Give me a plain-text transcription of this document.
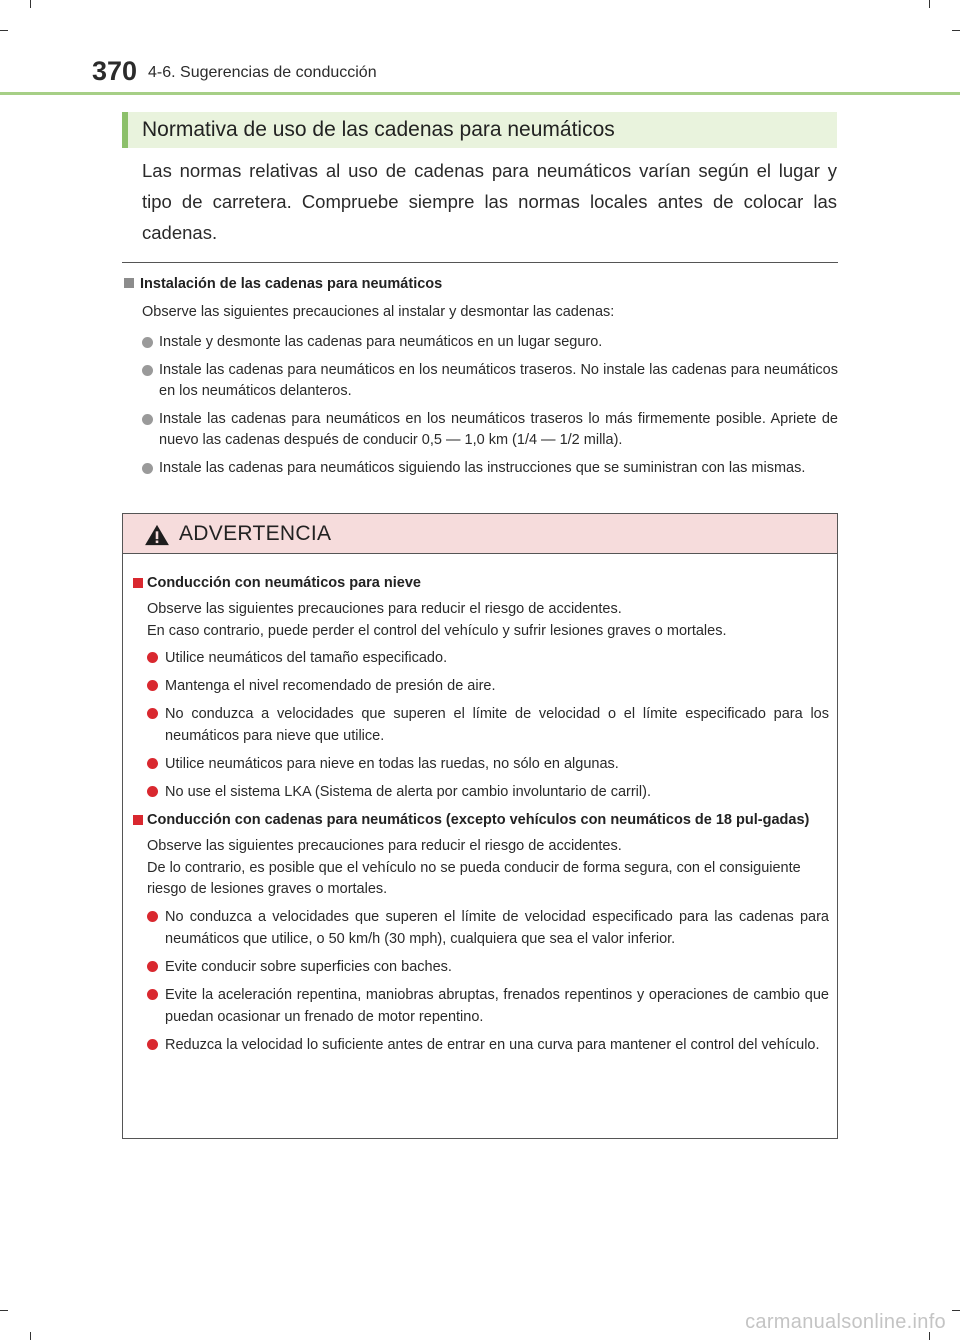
370 4-6. Sugerencias de conducción
Normativa de uso de las cadenas para neumáticos
Las normas relativas al uso de cadenas para neumáticos varían según el lugar y tipo de carretera. Compruebe siempre las normas locales antes de colocar las cadenas.
Instalación de las cadenas para neumáticos
Observe las siguientes precauciones al instalar y desmontar las cadenas:
Instale y desmonte las cadenas para neumáticos en un lugar seguro.
Instale las cadenas para neumáticos en los neumáticos traseros. No instale las cadenas para neumáticos en los neumáticos delanteros.
Instale las cadenas para neumáticos en los neumáticos traseros lo más firmemente posible. Apriete de nuevo las cadenas después de conducir 0,5 — 1,0 km (1/4 — 1/2 milla).
Instale las cadenas para neumáticos siguiendo las instrucciones que se suministran con las mismas.
ADVERTENCIA
Conducción con neumáticos para nieve
Observe las siguientes precauciones para reducir el riesgo de accidentes.
En caso contrario, puede perder el control del vehículo y sufrir lesiones graves o mortales.
Utilice neumáticos del tamaño especificado.
Mantenga el nivel recomendado de presión de aire.
No conduzca a velocidades que superen el límite de velocidad o el límite especificado para los neumáticos para nieve que utilice.
Utilice neumáticos para nieve en todas las ruedas, no sólo en algunas.
No use el sistema LKA (Sistema de alerta por cambio involuntario de carril).
Conducción con cadenas para neumáticos (excepto vehículos con neumáticos de 18 pul-gadas)
Observe las siguientes precauciones para reducir el riesgo de accidentes.
De lo contrario, es posible que el vehículo no se pueda conducir de forma segura, con el consiguiente riesgo de lesiones graves o mortales.
No conduzca a velocidades que superen el límite de velocidad especificado para las cadenas para neumáticos que utilice, o 50 km/h (30 mph), cualquiera que sea el valor inferior.
Evite conducir sobre superficies con baches.
Evite la aceleración repentina, maniobras abruptas, frenados repentinos y operaciones de cambio que puedan ocasionar un frenado de motor repentino.
Reduzca la velocidad lo suficiente antes de entrar en una curva para mantener el control del vehículo.
carmanualsonline.info
